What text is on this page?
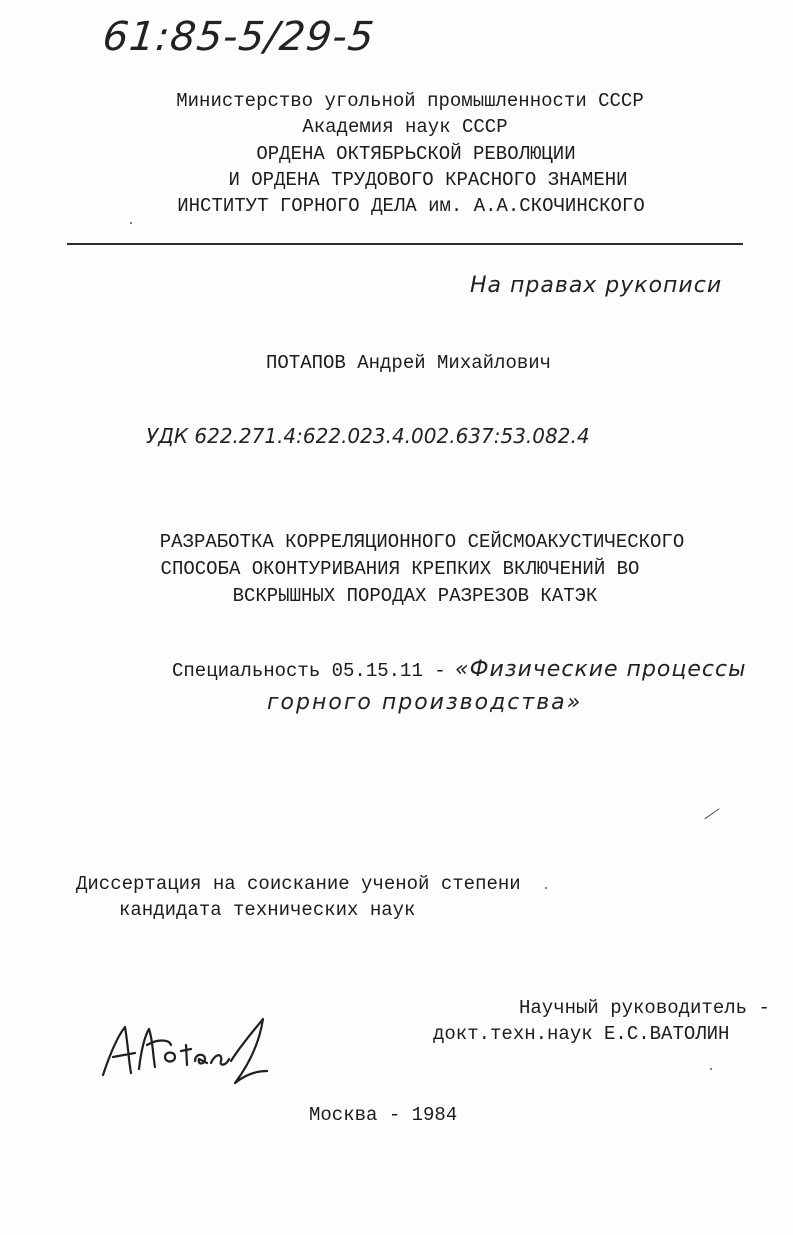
61:85-5/29-5
Министерство угольной промышленности СССР
Академия наук СССР
ОРДЕНА ОКТЯБРЬСКОЙ РЕВОЛЮЦИИ
И ОРДЕНА ТРУДОВОГО КРАСНОГО ЗНАМЕНИ
ИНСТИТУТ ГОРНОГО ДЕЛА им. А.А.СКОЧИНСКОГО
На правах рукописи
ПОТАПОВ Андрей Михайлович
УДК 622.271.4:622.023.4.002.637:53.082.4
РАЗРАБОТКА КОРРЕЛЯЦИОННОГО СЕЙСМОАКУСТИЧЕСКОГО
СПОСОБА ОКОНТУРИВАНИЯ КРЕПКИХ ВКЛЮЧЕНИЙ ВО
ВСКРЫШНЫХ ПОРОДАХ РАЗРЕЗОВ КАТЭК
Специальность 05.15.11 - «Физические процессы
горного производства»
Диссертация на соискание ученой степени
кандидата технических наук
Научный руководитель -
докт.техн.наук Е.С.ВАТОЛИН
Москва - 1984
